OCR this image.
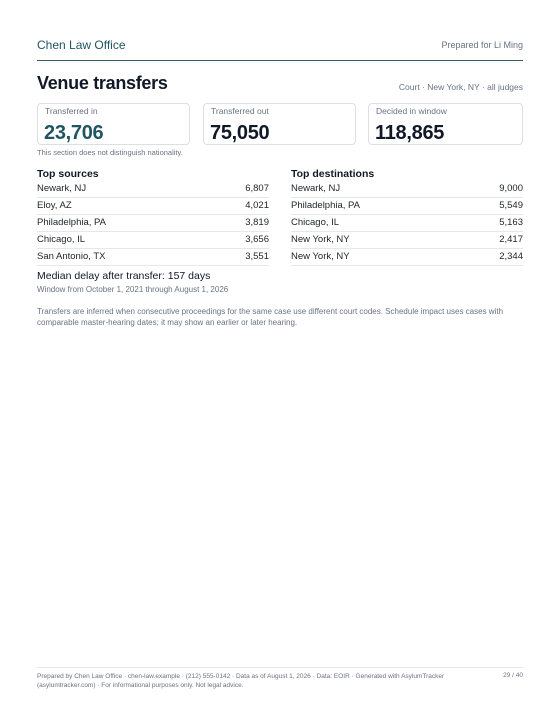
Chen Law Office	Prepared for Li Ming
Venue transfers	Court · New York, NY · all judges
Transferred in
23,706
Transferred out
75,050
Decided in window
118,865
This section does not distinguish nationality.
Top sources
Newark, NJ	6,807
Eloy, AZ	4,021
Philadelphia, PA	3,819
Chicago, IL	3,656
San Antonio, TX	3,551
Top destinations
Newark, NJ	9,000
Philadelphia, PA	5,549
Chicago, IL	5,163
New York, NY	2,417
New York, NY	2,344
Median delay after transfer: 157 days
Window from October 1, 2021 through August 1, 2026
Transfers are inferred when consecutive proceedings for the same case use different court codes. Schedule impact uses cases with comparable master-hearing dates; it may show an earlier or later hearing.
Prepared by Chen Law Office · chen-law.example · (212) 555-0142 · Data as of August 1, 2026 · Data: EOIR · Generated with AsylumTracker (asylumtracker.com) · For informational purposes only. Not legal advice.
29 / 40
